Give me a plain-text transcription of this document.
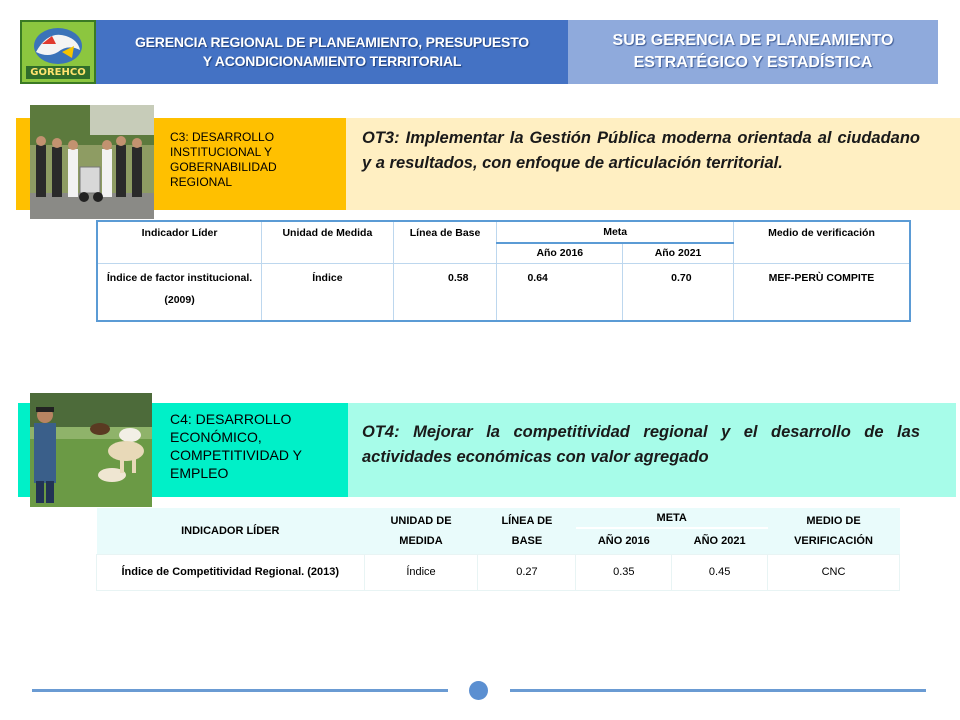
GOREHCO
GERENCIA REGIONAL DE PLANEAMIENTO, PRESUPUESTO
Y ACONDICIONAMIENTO TERRITORIAL
SUB GERENCIA DE PLANEAMIENTO
ESTRATÉGICO Y ESTADÍSTICA
C3: DESARROLLO INSTITUCIONAL Y GOBERNABILIDAD REGIONAL
OT3: Implementar la Gestión Pública moderna orientada al ciudadano y a resultados, con enfoque de articulación territorial.
Indicador Líder	Unidad de Medida	Línea de Base	Meta		Medio de verificación
			Año 2016	Año 2021	
Índice de factor institucional. (2009)	Índice	0.58	0.64	0.70	MEF-PERÙ COMPITE
C4: DESARROLLO ECONÓMICO, COMPETITIVIDAD Y EMPLEO
OT4: Mejorar la competitividad regional y el desarrollo de las actividades económicas con valor agregado
INDICADOR LÍDER	UNIDAD DE MEDIDA	LÍNEA DE BASE	META		MEDIO DE VERIFICACIÓN
			AÑO 2016	AÑO 2021	
Índice de Competitividad Regional. (2013)	Índice	0.27	0.35	0.45	CNC
